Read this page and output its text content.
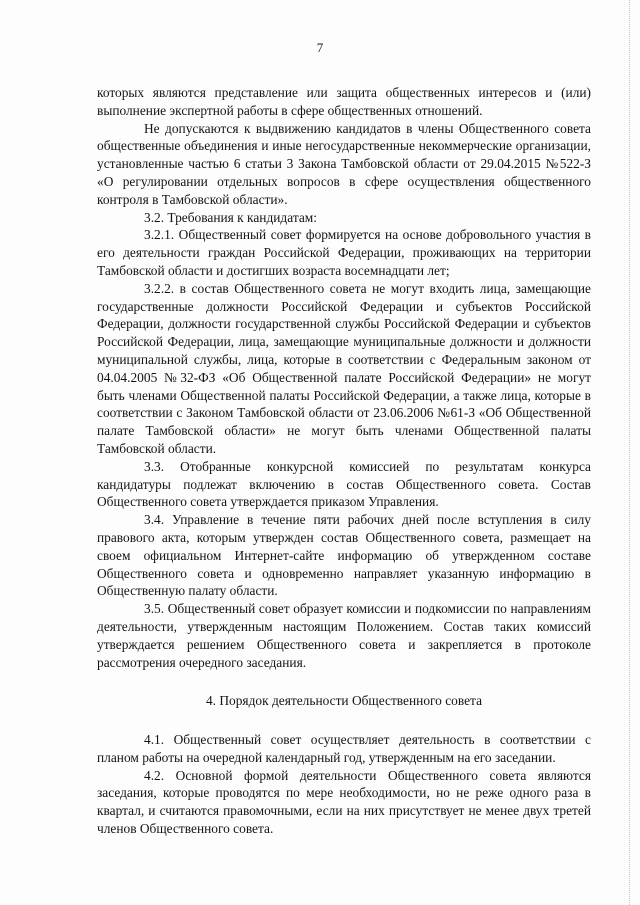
7

которых являются представление или защита общественных интересов и (или) выполнение экспертной работы в сфере общественных отношений.

Не допускаются к выдвижению кандидатов в члены Общественного совета общественные объединения и иные негосударственные некоммерческие организации, установленные частью 6 статьи 3 Закона Тамбовской области от 29.04.2015 №522-З «О регулировании отдельных вопросов в сфере осуществления общественного контроля в Тамбовской области».

3.2. Требования к кандидатам:

3.2.1. Общественный совет формируется на основе добровольного участия в его деятельности граждан Российской Федерации, проживающих на территории Тамбовской области и достигших возраста восемнадцати лет;

3.2.2. в состав Общественного совета не могут входить лица, замещающие государственные должности Российской Федерации и субъектов Российской Федерации, должности государственной службы Российской Федерации и субъектов Российской Федерации, лица, замещающие муниципальные должности и должности муниципальной службы, лица, которые в соответствии с Федеральным законом от 04.04.2005 №32-ФЗ «Об Общественной палате Российской Федерации» не могут быть членами Общественной палаты Российской Федерации, а также лица, которые в соответствии с Законом Тамбовской области от 23.06.2006 №61-З «Об Общественной палате Тамбовской области» не могут быть членами Общественной палаты Тамбовской области.

3.3. Отобранные конкурсной комиссией по результатам конкурса кандидатуры подлежат включению в состав Общественного совета. Состав Общественного совета утверждается приказом Управления.

3.4. Управление в течение пяти рабочих дней после вступления в силу правового акта, которым утвержден состав Общественного совета, размещает на своем официальном Интернет-сайте информацию об утвержденном составе Общественного совета и одновременно направляет указанную информацию в Общественную палату области.

3.5. Общественный совет образует комиссии и подкомиссии по направлениям деятельности, утвержденным настоящим Положением. Состав таких комиссий утверждается решением Общественного совета и закрепляется в протоколе рассмотрения очередного заседания.

4. Порядок деятельности Общественного совета

4.1. Общественный совет осуществляет деятельность в соответствии с планом работы на очередной календарный год, утвержденным на его заседании.

4.2. Основной формой деятельности Общественного совета являются заседания, которые проводятся по мере необходимости, но не реже одного раза в квартал, и считаются правомочными, если на них присутствует не менее двух третей членов Общественного совета.
